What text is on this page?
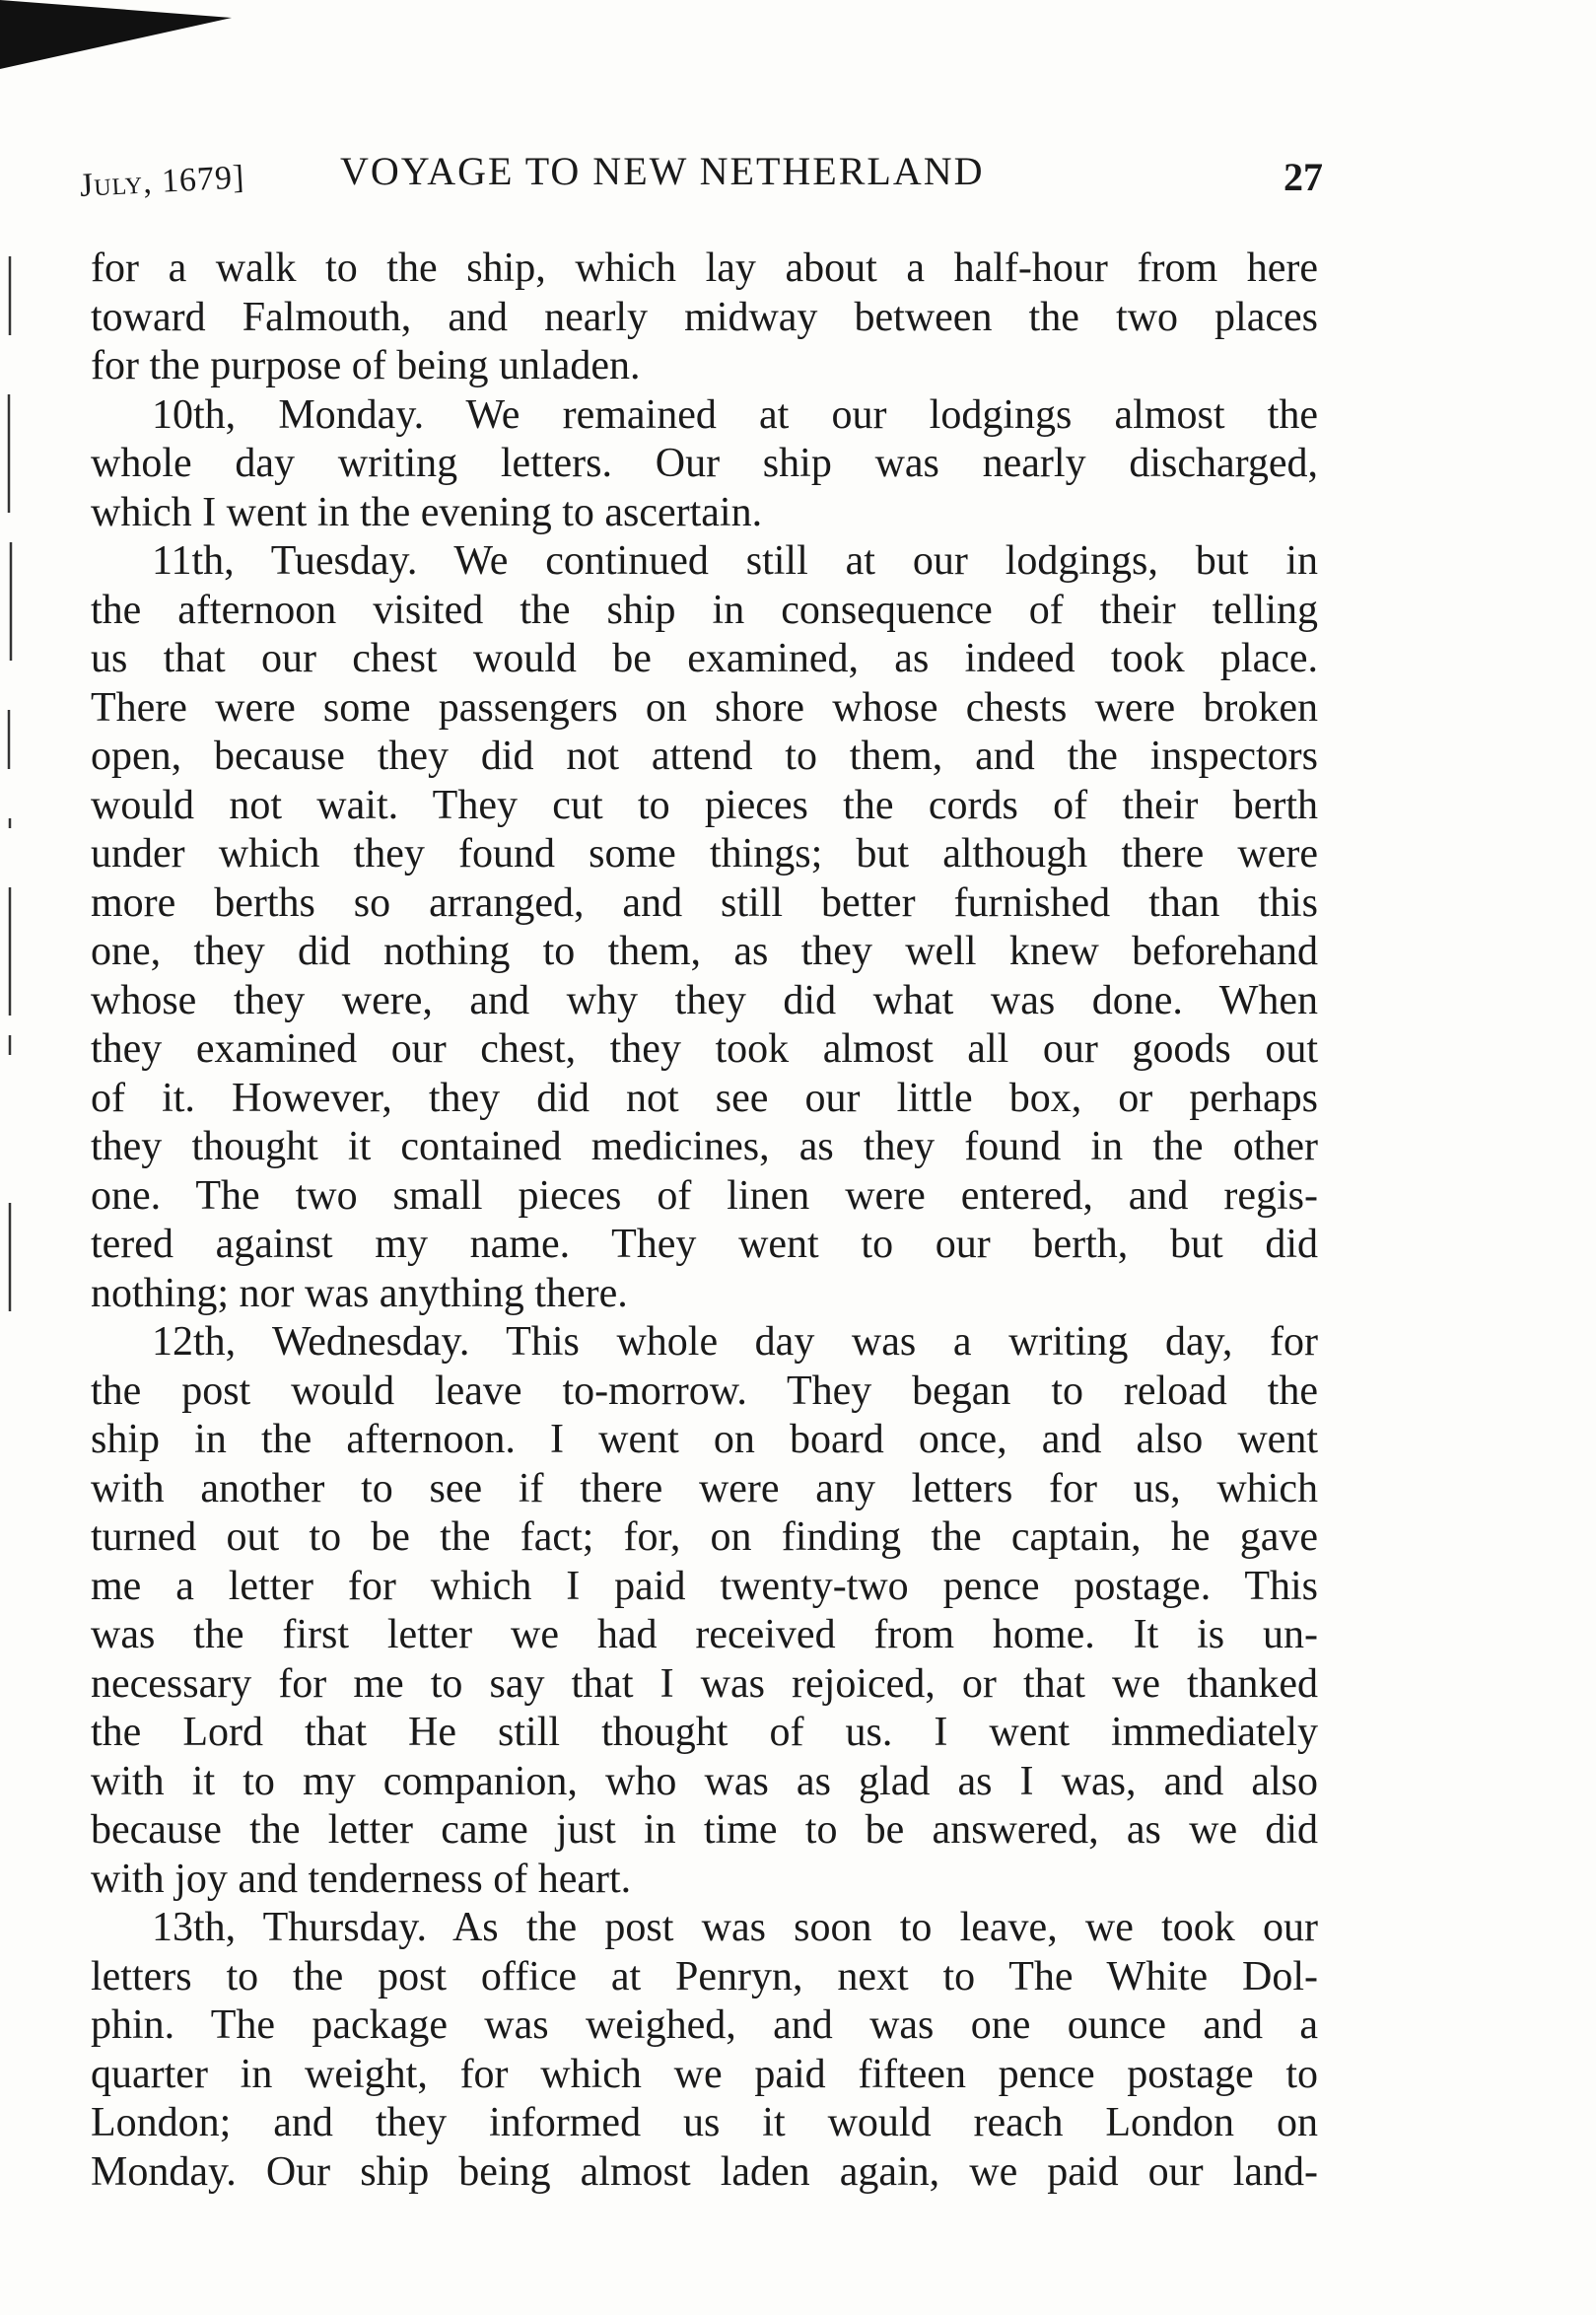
July, 1679] VOYAGE TO NEW NETHERLAND	27
for a walk to the ship, which lay about a half-hour from here
toward Falmouth, and nearly midway between the two places
for the purpose of being unladen.
10th, Monday. We remained at our lodgings almost the
whole day writing letters. Our ship was nearly discharged,
which I went in the evening to ascertain.
11th, Tuesday. We continued still at our lodgings, but in
the afternoon visited the ship in consequence of their telling
us that our chest would be examined, as indeed took place.
There were some passengers on shore whose chests were broken
open, because they did not attend to them, and the inspectors
would not wait. They cut to pieces the cords of their berth
under which they found some things; but although there were
more berths so arranged, and still better furnished than this
one, they did nothing to them, as they well knew beforehand
whose they were, and why they did what was done. When
they examined our chest, they took almost all our goods out
of it. However, they did not see our little box, or perhaps
they thought it contained medicines, as they found in the other
one. The two small pieces of linen were entered, and regis-
tered against my name. They went to our berth, but did
nothing; nor was anything there.
12th, Wednesday. This whole day was a writing day, for
the post would leave to-morrow. They began to reload the
ship in the afternoon. I went on board once, and also went
with another to see if there were any letters for us, which
turned out to be the fact; for, on finding the captain, he gave
me a letter for which I paid twenty-two pence postage. This
was the first letter we had received from home. It is un-
necessary for me to say that I was rejoiced, or that we thanked
the Lord that He still thought of us. I went immediately
with it to my companion, who was as glad as I was, and also
because the letter came just in time to be answered, as we did
with joy and tenderness of heart.
13th, Thursday. As the post was soon to leave, we took our
letters to the post office at Penryn, next to The White Dol-
phin. The package was weighed, and was one ounce and a
quarter in weight, for which we paid fifteen pence postage to
London; and they informed us it would reach London on
Monday. Our ship being almost laden again, we paid our land-
